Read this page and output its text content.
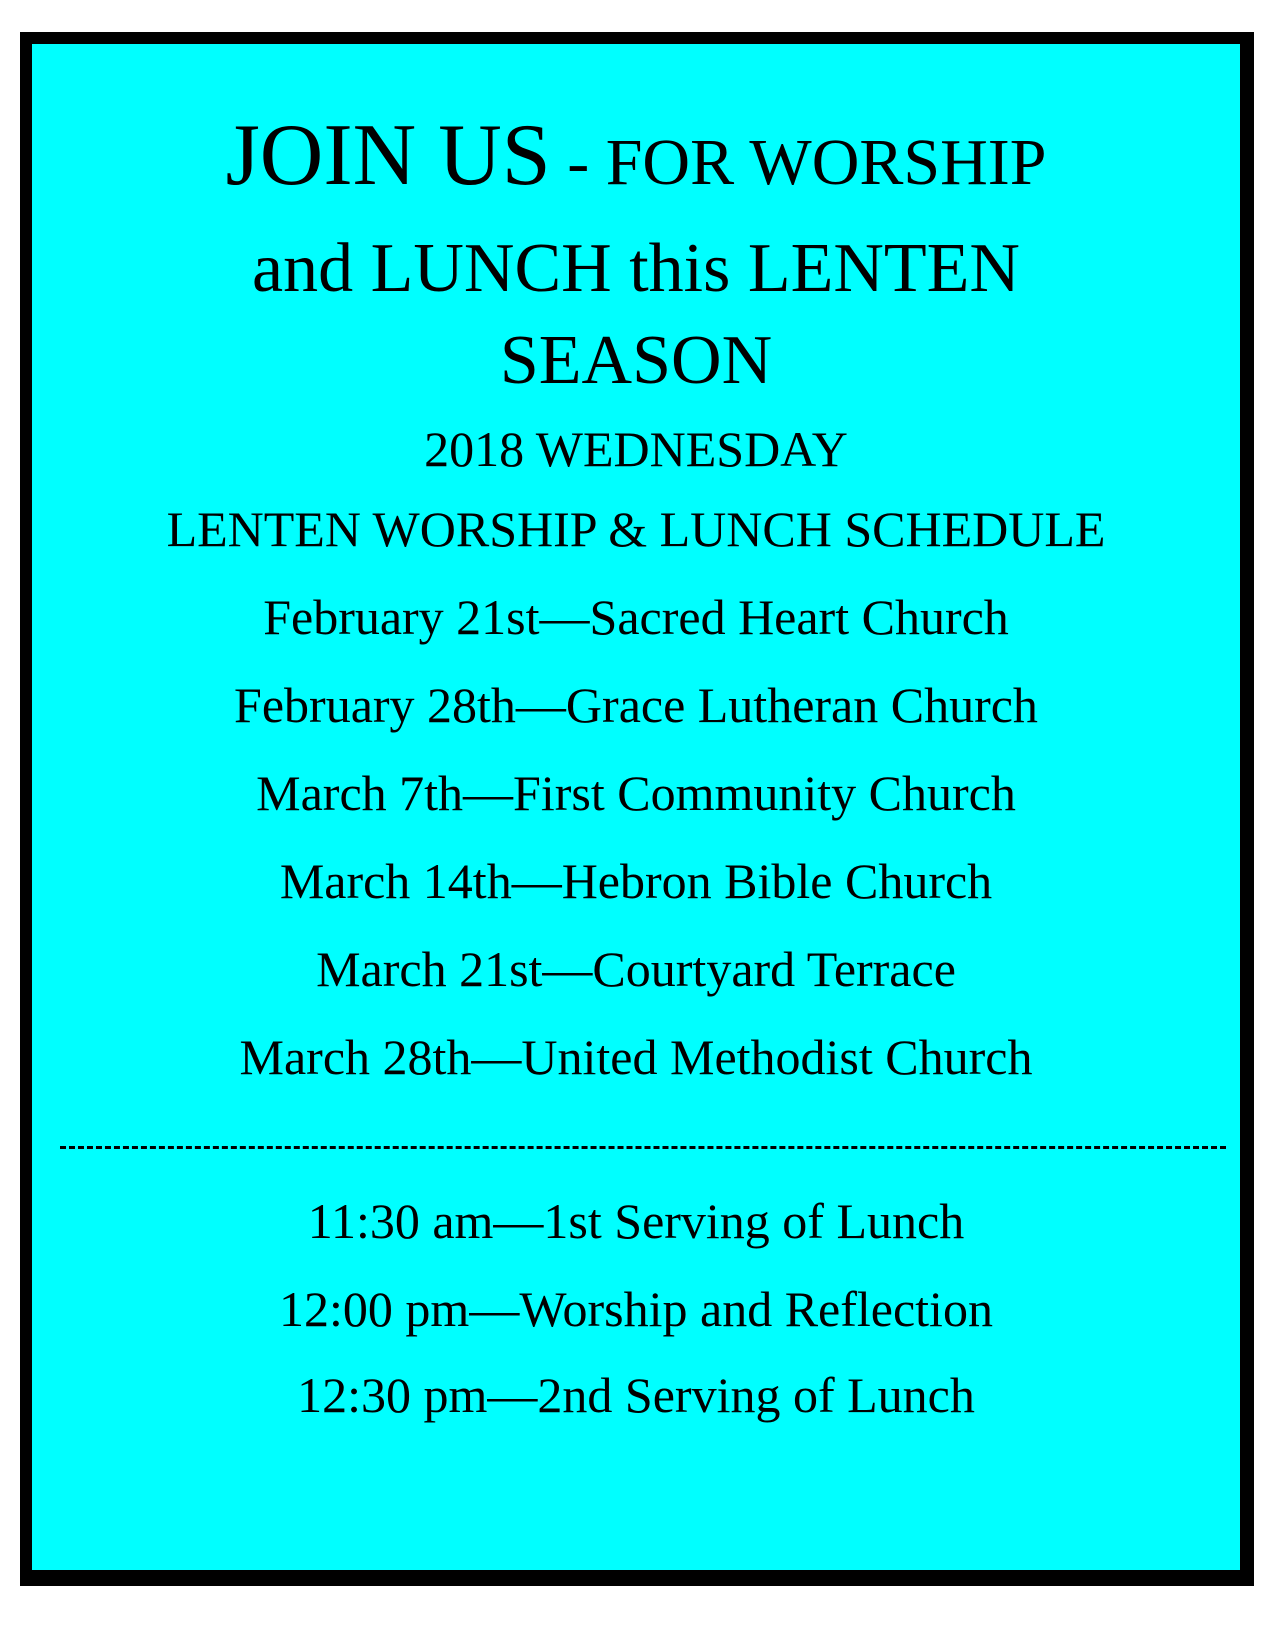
JOIN US - FOR WORSHIP
and LUNCH this LENTEN
SEASON
2018 WEDNESDAY
LENTEN WORSHIP & LUNCH SCHEDULE
February 21st—Sacred Heart Church
February 28th—Grace Lutheran Church
March 7th—First Community Church
March 14th—Hebron Bible Church
March 21st—Courtyard Terrace
March 28th—United Methodist Church
11:30 am—1st Serving of Lunch
12:00 pm—Worship and Reflection
12:30 pm—2nd Serving of Lunch
